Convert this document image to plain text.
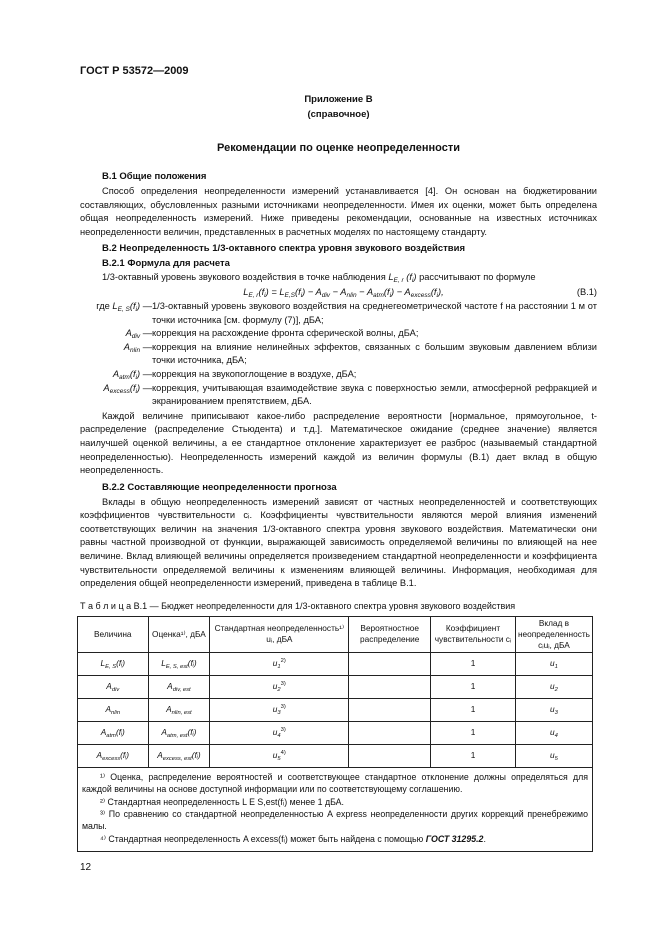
ГОСТ Р 53572—2009
Приложение В
(справочное)
Рекомендации по оценке неопределенности
В.1 Общие положения

Способ определения неопределенности измерений устанавливается [4]. Он основан на бюджетировании составляющих, обусловленных разными источниками неопределенности. Имея их оценки, может быть определена общая неопределенность измерений. Ниже приведены рекомендации, основанные на известных источниках неопределенности величин, представленных в расчетных моделях по настоящему стандарту.

В.2 Неопределенность 1/3-октавного спектра уровня звукового воздействия
В.2.1 Формула для расчета
1/3-октавный уровень звукового воздействия в точке наблюдения $L_{E, r}$ $(f_i)$ рассчитывают по формуле
$L_{E, r}(f_i) = L_{E,S}(f_i) - A_{div} - A_{nlin} - A_{atm}(f_i) - A_{excess}(f_i)$,	(B.1)
где $L_{E, S}(f_i)$ — 1/3-октавный уровень звукового воздействия на среднегеометрической частоте f на расстоянии 1 м от точки источника [см. формулу (7)], дБА;
$A_{div}$ — коррекция на расхождение фронта сферической волны, дБА;
$A_{nlin}$ — коррекция на влияние нелинейных эффектов, связанных с большим звуковым давлением вблизи точки источника, дБА;
$A_{atm}(f_i)$ — коррекция на звукопоглощение в воздухе, дБА;
$A_{excess}(f_i)$ — коррекция, учитывающая взаимодействие звука с поверхностью земли, атмосферной рефракцией и экранированием препятствием, дБА.

Каждой величине приписывают какое-либо распределение вероятности [нормальное, прямоугольное, t-распределение (распределение Стьюдента) и т.д.]. Математическое ожидание (среднее значение) является наилучшей оценкой величины, а ее стандартное отклонение характеризует ее разброс (называемый стандартной неопределенностью). Неопределенность измерений каждой из величин формулы (В.1) дает вклад в общую неопределенность.

В.2.2 Составляющие неопределенности прогноза

Вклады в общую неопределенность измерений зависят от частных неопределенностей и соответствующих коэффициентов чувствительности cᵢ. Коэффициенты чувствительности являются мерой влияния изменений соответствующих величин на значения 1/3-октавного спектра уровня звукового воздействия. Математически они равны частной производной от функции, выражающей зависимость определяемой величины по влияющей на нее величине. Вклад влияющей величины определяется произведением стандартной неопределенности и коэффициента чувствительности определяемой величины к изменениям влияющей величины. Информация, необходимая для определения общей неопределенности измерений, приведена в таблице В.1.

Т а б л и ц а В.1 — Бюджет неопределенности для 1/3-октавного спектра уровня звукового воздействия
Величина	Оценка¹⁾, дБА	Стандартная неопределенность¹⁾ uᵢ, дБА	Вероятностное распределение	Коэффициент чувствительности cᵢ	Вклад в неопределенность cᵢuᵢ, дБА
$L_{E, S}(fᵢ)$	$L_{E, S, est}(fᵢ)$	$u_1^{2)}$		1	$u_1$
$A_{div}$	$A_{div, est}$	$u_2^{3)}$		1	$u_2$
$A_{nlin}$	$A_{nlin, est}$	$u_3^{3)}$		1	$u_3$
$A_{atm}(fᵢ)$	$A_{atm, est}(fᵢ)$	$u_4^{3)}$		1	$u_4$
$A_{excess}(fᵢ)$	$A_{excess, est}(fᵢ)$	$u_5^{4)}$		1	$u_5$

¹⁾ Оценка, распределение вероятностей и соответствующее стандартное отклонение должны определяться для каждой величины на основе доступной информации или по соответствующему соглашению.

²⁾ Стандартная неопределенность L E S,est(fᵢ) менее 1 дБА.

³⁾ По сравнению со стандартной неопределенностью A express неопределенности других коррекций пренебрежимо малы.

⁴⁾ Стандартная неопределенность A excess(fᵢ) может быть найдена с помощью ГОСТ 31295.2.					

12
